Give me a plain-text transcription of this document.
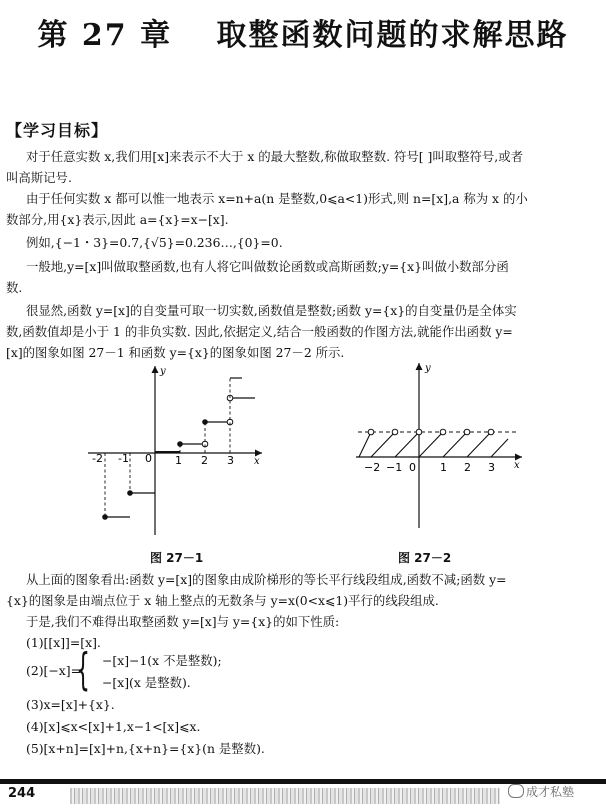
第 27 章　 取整函数问题的求解思路
【学习目标】
对于任意实数 x,我们用[x]来表示不大于 x 的最大整数,称做取整数. 符号[ ]叫取整符号,或者
叫高斯记号.
由于任何实数 x 都可以惟一地表示 x=n+a(n 是整数,0⩽a<1)形式,则 n=[x],a 称为 x 的小
数部分,用{x}表示,因此 a={x}=x−[x].
例如,{−1・3}=0.7,{√5}=0.236…,{0}=0.
一般地,y=[x]叫做取整函数,也有人将它叫做数论函数或高斯函数;y={x}叫做小数部分函
数.
很显然,函数 y=[x]的自变量可取一切实数,函数值是整数;函数 y={x}的自变量仍是全体实
数,函数值却是小于 1 的非负实数. 因此,依据定义,结合一般函数的作图方法,就能作出函数 y=
[x]的图象如图 27－1 和函数 y={x}的图象如图 27－2 所示.
y
x
-2 -1 0 1 2 3
y
x
−2 −1 0 1 2 3
图 27－1	图 27－2
从上面的图象看出:函数 y=[x]的图象由成阶梯形的等长平行线段组成,函数不减;函数 y=
{x}的图象是由端点位于 x 轴上整点的无数条与 y=x(0<x⩽1)平行的线段组成.
于是,我们不难得出取整函数 y=[x]与 y={x}的如下性质:
(1)[[x]]=[x].
(2)[−x]=
{ −[x]−1(x 不是整数);
−[x](x 是整数).
(3)x=[x]+{x}.
(4)[x]⩽x<[x]+1,x−1<[x]⩽x.
(5)[x+n]=[x]+n,{x+n}={x}(n 是整数).
244	成才私塾
